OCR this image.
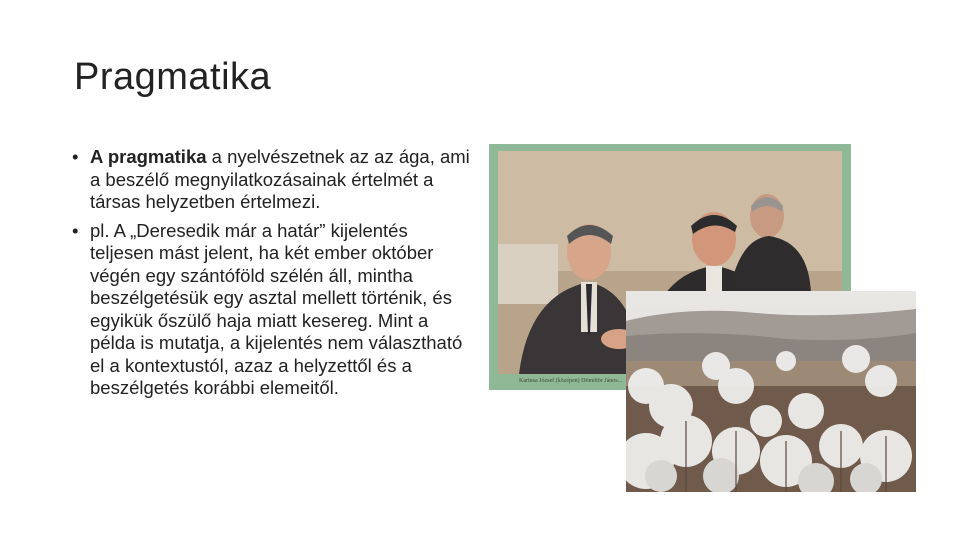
Pragmatika
• A pragmatika a nyelvészetnek az az ága, ami a beszélő megnyilatkozásainak értelmét a társas helyzetben értelmezi.
• pl. A „Deresedik már a határ” kijelentés teljesen mást jelent, ha két ember október végén egy szántóföld szélén áll, mintha beszélgetésük egy asztal mellett történik, és egyikük őszülő haja miatt kesereg. Mint a példa is mutatja, a kijelentés nem választható el a kontextustól, azaz a helyzettől és a beszélgetés korábbi elemeitől.	Karinsa József (középen) Dömötör János...
